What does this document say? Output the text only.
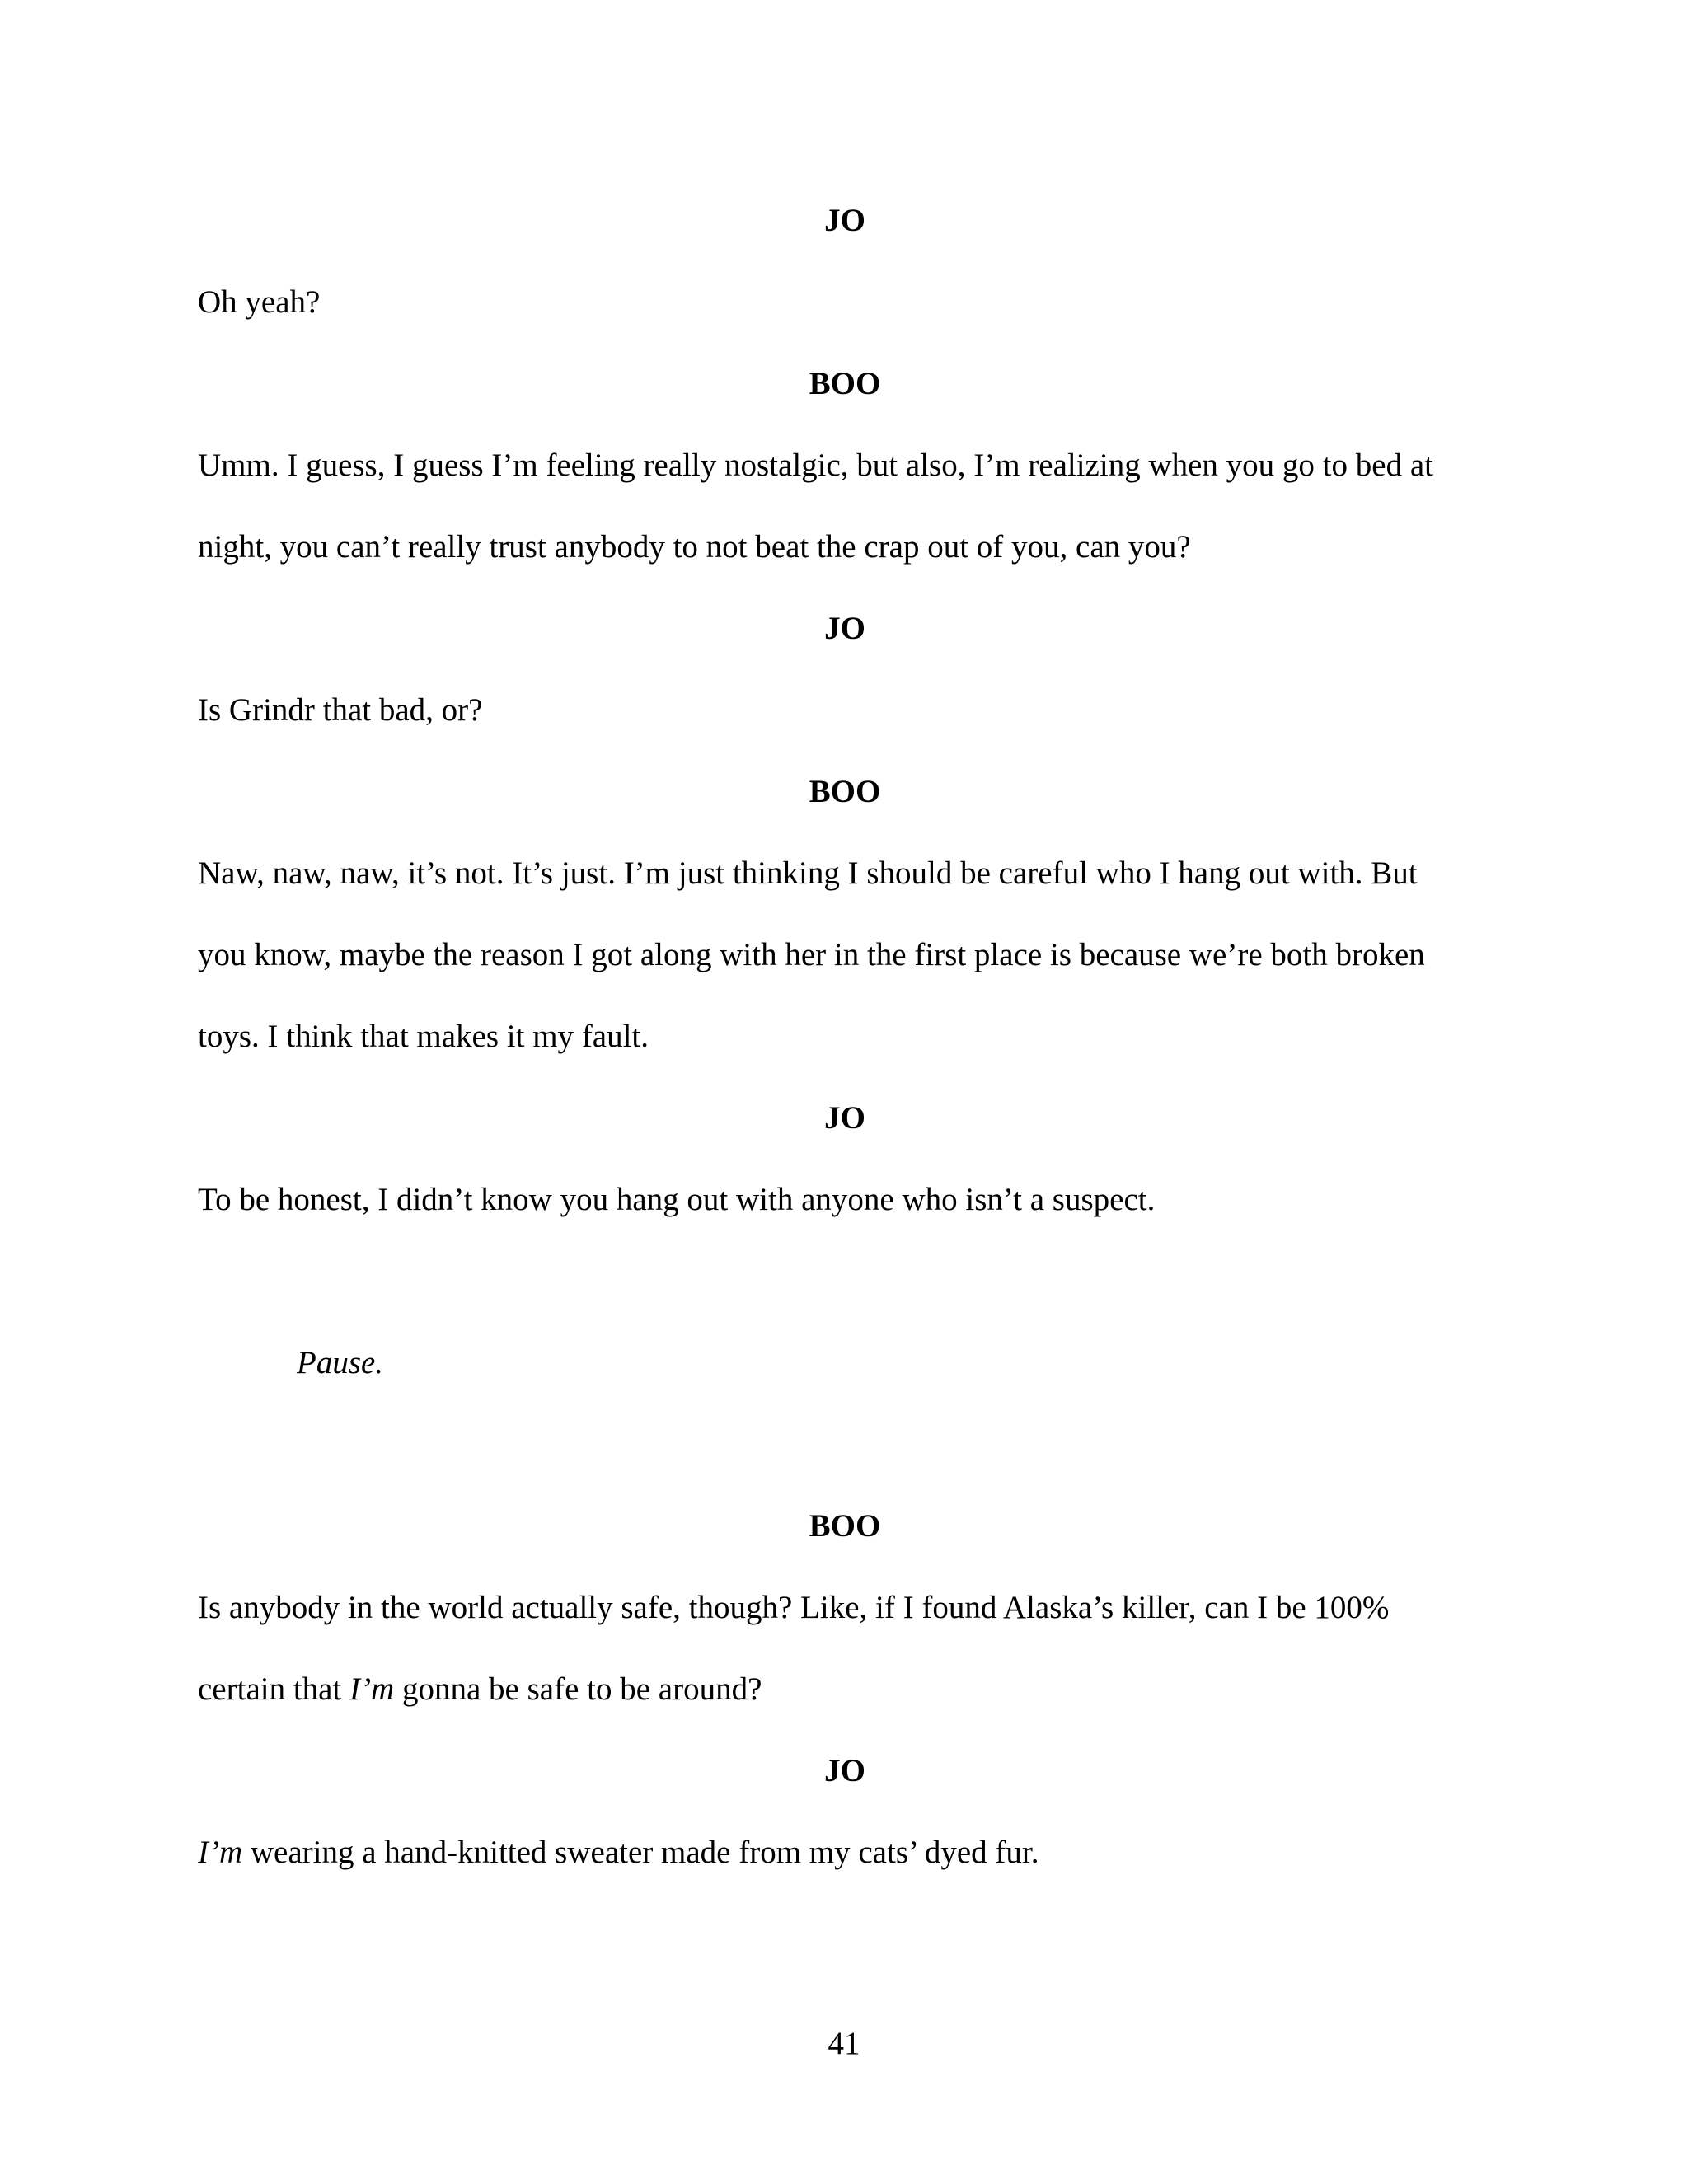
JO

Oh yeah?

BOO

Umm. I guess, I guess I’m feeling really nostalgic, but also, I’m realizing when you go to bed at

night, you can’t really trust anybody to not beat the crap out of you, can you?

JO

Is Grindr that bad, or?

BOO

Naw, naw, naw, it’s not. It’s just. I’m just thinking I should be careful who I hang out with. But

you know, maybe the reason I got along with her in the first place is because we’re both broken

toys. I think that makes it my fault.

JO

To be honest, I didn’t know you hang out with anyone who isn’t a suspect.

Pause.

BOO

Is anybody in the world actually safe, though? Like, if I found Alaska’s killer, can I be 100%

certain that I’m gonna be safe to be around?

JO

I’m wearing a hand-knitted sweater made from my cats’ dyed fur.

41
